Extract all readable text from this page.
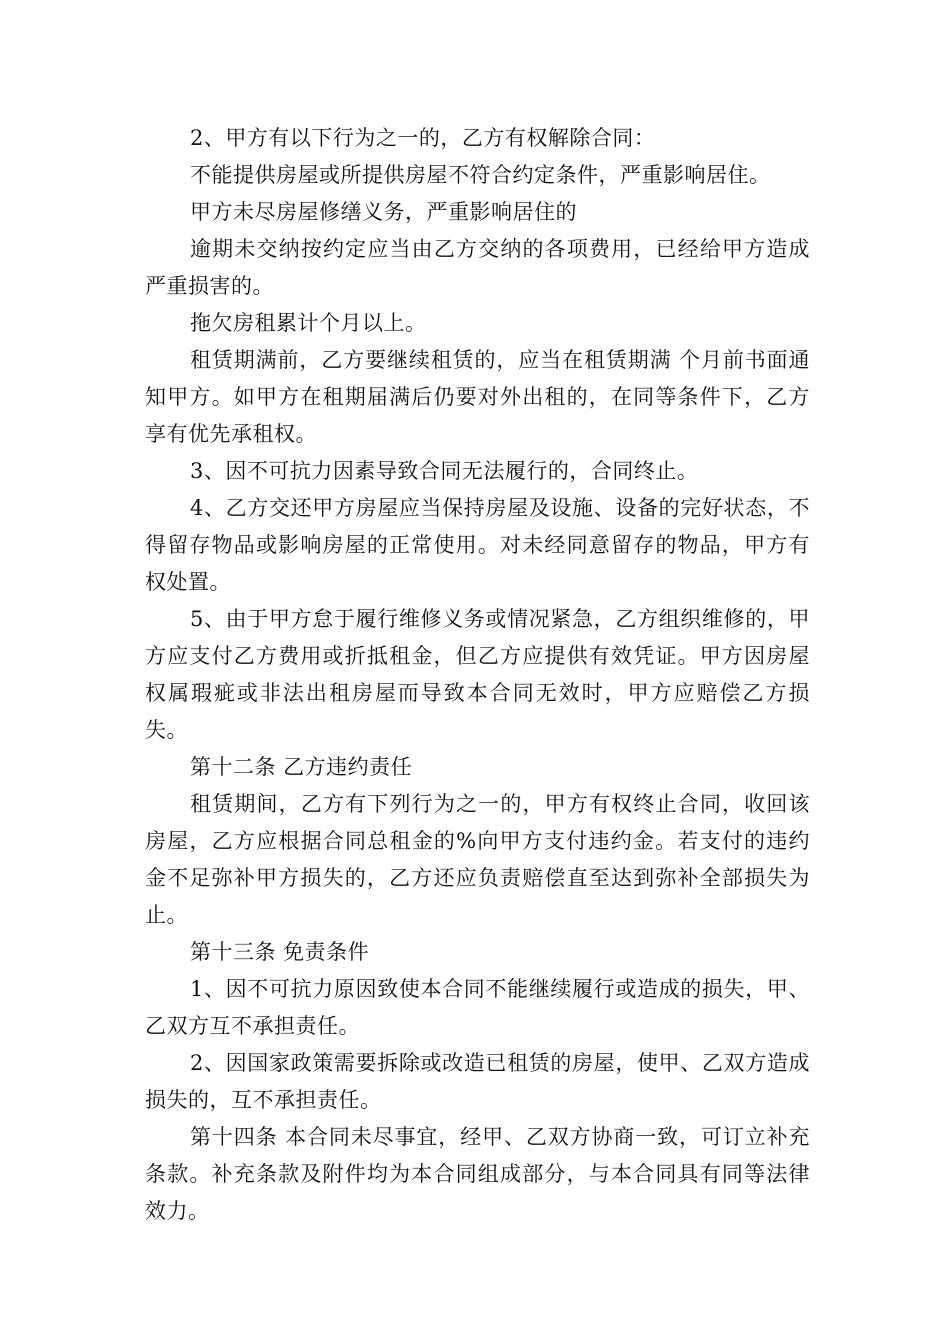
2、甲方有以下行为之一的，乙方有权解除合同：

不能提供房屋或所提供房屋不符合约定条件，严重影响居住。

甲方未尽房屋修缮义务，严重影响居住的

逾期未交纳按约定应当由乙方交纳的各项费用，已经给甲方造成严重损害的。

拖欠房租累计个月以上。

租赁期满前，乙方要继续租赁的，应当在租赁期满 个月前书面通知甲方。如甲方在租期届满后仍要对外出租的，在同等条件下，乙方享有优先承租权。

3、因不可抗力因素导致合同无法履行的，合同终止。

4、乙方交还甲方房屋应当保持房屋及设施、设备的完好状态，不得留存物品或影响房屋的正常使用。对未经同意留存的物品，甲方有权处置。

5、由于甲方怠于履行维修义务或情况紧急，乙方组织维修的，甲方应支付乙方费用或折抵租金，但乙方应提供有效凭证。甲方因房屋权属瑕疵或非法出租房屋而导致本合同无效时，甲方应赔偿乙方损失。

第十二条 乙方违约责任

租赁期间，乙方有下列行为之一的，甲方有权终止合同，收回该房屋，乙方应根据合同总租金的%向甲方支付违约金。若支付的违约金不足弥补甲方损失的，乙方还应负责赔偿直至达到弥补全部损失为止。

第十三条 免责条件

1、因不可抗力原因致使本合同不能继续履行或造成的损失，甲、乙双方互不承担责任。

2、因国家政策需要拆除或改造已租赁的房屋，使甲、乙双方造成损失的，互不承担责任。

第十四条 本合同未尽事宜，经甲、乙双方协商一致，可订立补充条款。补充条款及附件均为本合同组成部分，与本合同具有同等法律效力。
